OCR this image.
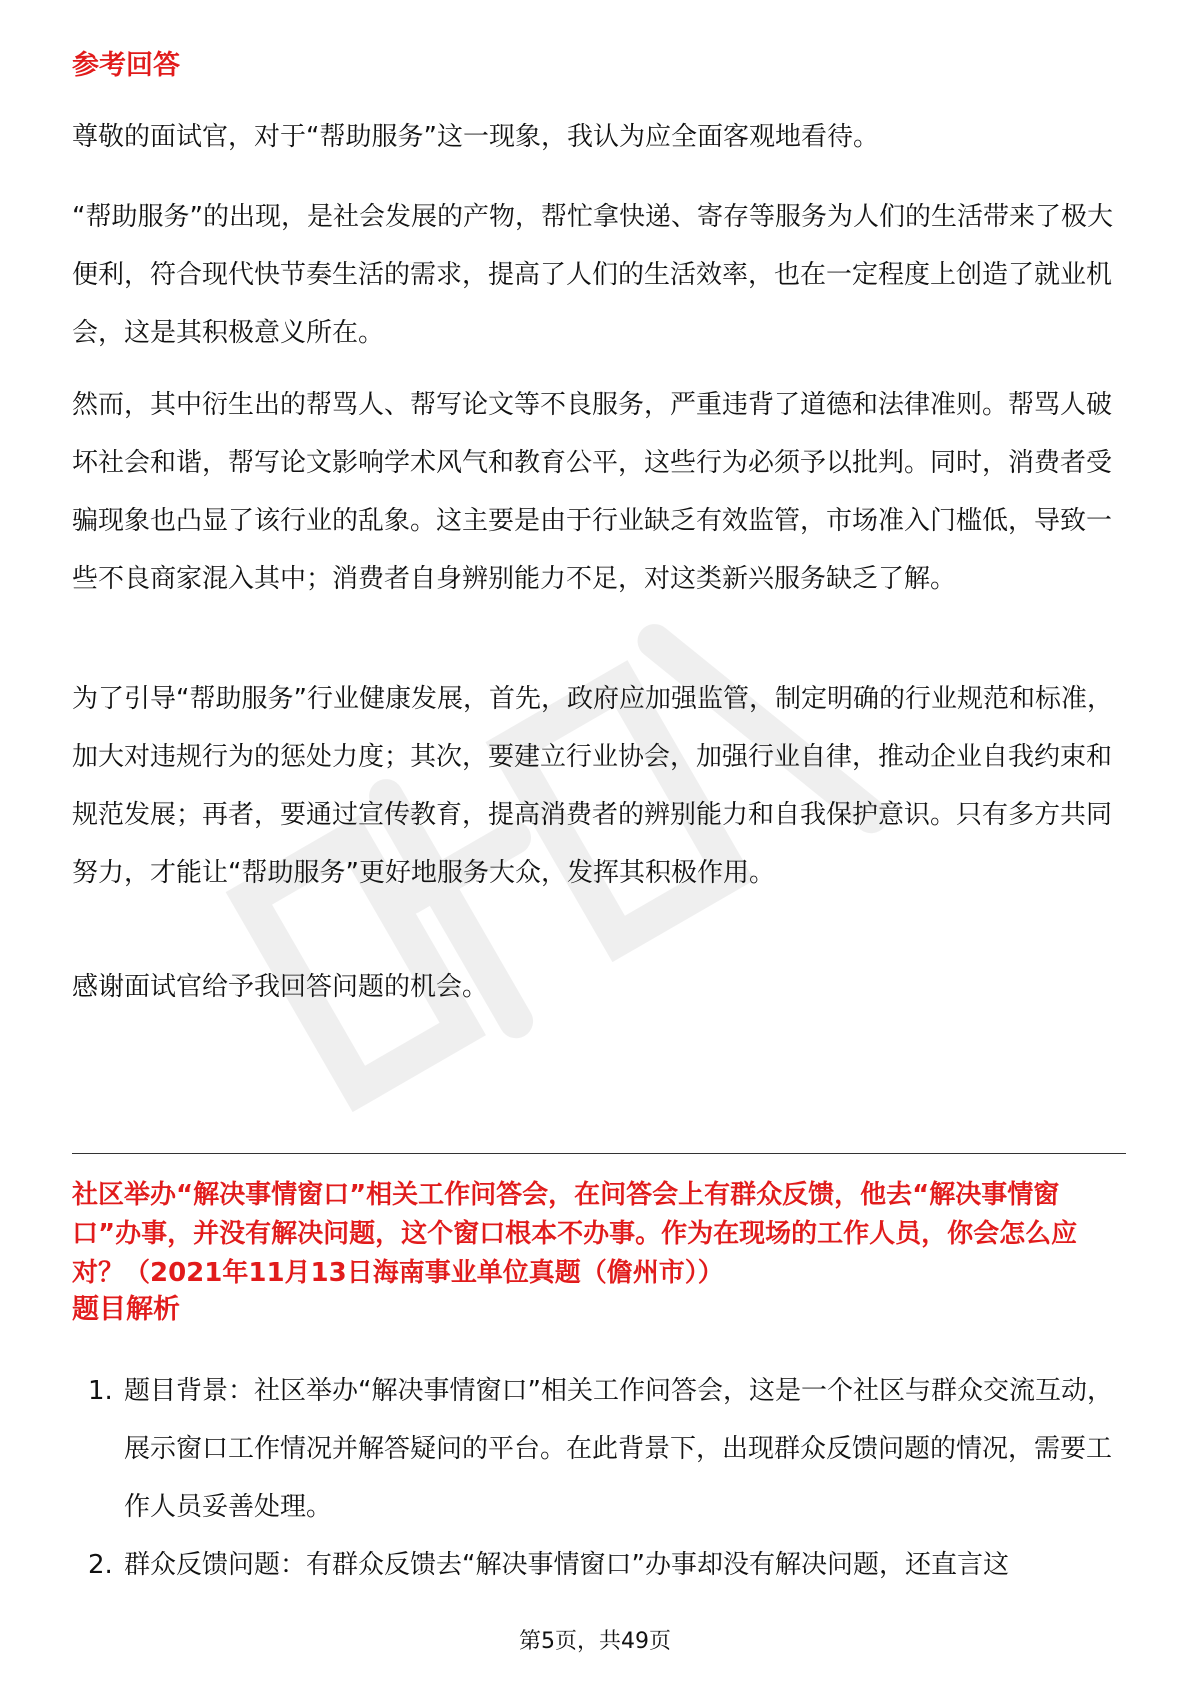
参考回答

尊敬的面试官，对于“帮助服务”这一现象，我认为应全面客观地看待。

“帮助服务”的出现，是社会发展的产物，帮忙拿快递、寄存等服务为人们的生活带来了极大便利，符合现代快节奏生活的需求，提高了人们的生活效率，也在一定程度上创造了就业机会，这是其积极意义所在。

然而，其中衍生出的帮骂人、帮写论文等不良服务，严重违背了道德和法律准则。帮骂人破坏社会和谐，帮写论文影响学术风气和教育公平，这些行为必须予以批判。同时，消费者受骗现象也凸显了该行业的乱象。这主要是由于行业缺乏有效监管，市场准入门槛低，导致一些不良商家混入其中；消费者自身辨别能力不足，对这类新兴服务缺乏了解。

为了引导“帮助服务”行业健康发展，首先，政府应加强监管，制定明确的行业规范和标准，加大对违规行为的惩处力度；其次，要建立行业协会，加强行业自律，推动企业自我约束和规范发展；再者，要通过宣传教育，提高消费者的辨别能力和自我保护意识。只有多方共同努力，才能让“帮助服务”更好地服务大众，发挥其积极作用。

感谢面试官给予我回答问题的机会。

社区举办“解决事情窗口”相关工作问答会，在问答会上有群众反馈，他去“解决事情窗口”办事，并没有解决问题，这个窗口根本不办事。作为在现场的工作人员，你会怎么应对？（2021年11月13日海南事业单位真题（儋州市））

题目解析
1. 题目背景：社区举办“解决事情窗口”相关工作问答会，这是一个社区与群众交流互动，展示窗口工作情况并解答疑问的平台。在此背景下，出现群众反馈问题的情况，需要工作人员妥善处理。
2. 群众反馈问题：有群众反馈去“解决事情窗口”办事却没有解决问题，还直言这
第5页，共49页
